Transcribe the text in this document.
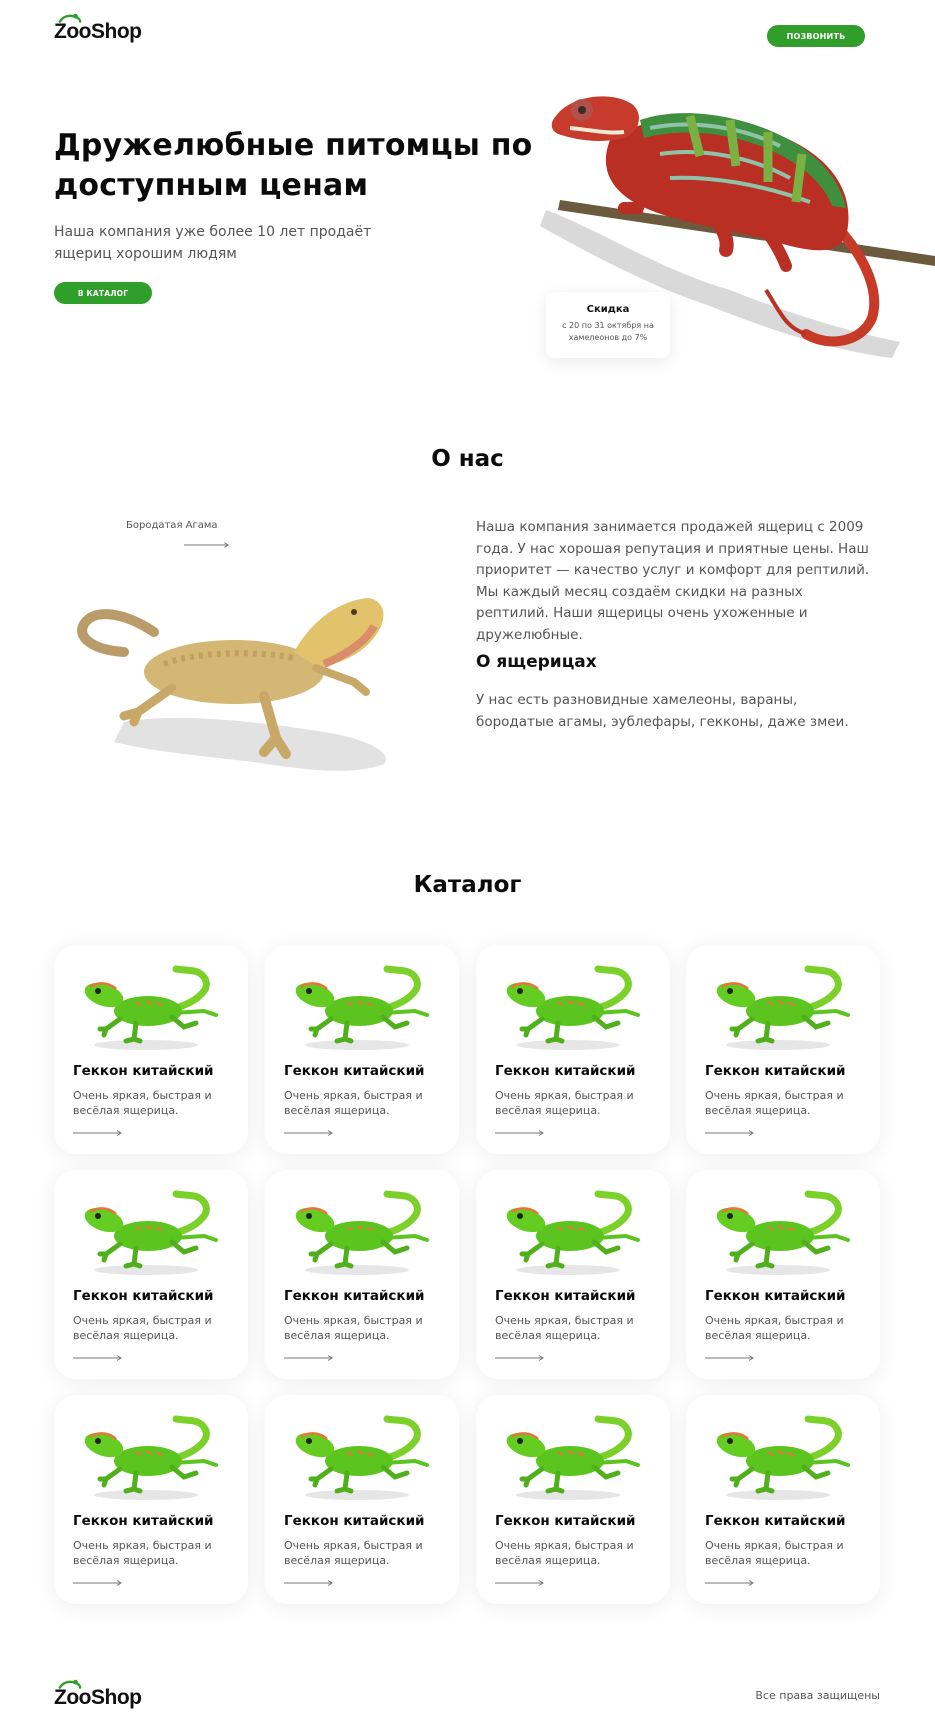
ZooShop	ПОЗВОНИТЬ
Дружелюбные питомцы по доступным ценам
Наша компания уже более 10 лет продаёт ящериц хорошим людям
В КАТАЛОГ
Скидка
с 20 по 31 октября на хамелеонов до 7%
О нас
Бородатая Агама	Наша компания занимается продажей ящериц с 2009 года. У нас хорошая репутация и приятные цены. Наш приоритет — качество услуг и комфорт для рептилий. Мы каждый месяц создаём скидки на разных рептилий. Наши ящерицы очень ухоженные и дружелюбные.
О ящерицах
У нас есть разновидные хамелеоны, вараны, бородатые агамы, эублефары, гекконы, даже змеи.
Каталог
Геккон китайский
Очень яркая, быстрая и весёлая ящерица.
Геккон китайский
Очень яркая, быстрая и весёлая ящерица.
Геккон китайский
Очень яркая, быстрая и весёлая ящерица.
Геккон китайский
Очень яркая, быстрая и весёлая ящерица.
Геккон китайский
Очень яркая, быстрая и весёлая ящерица.
Геккон китайский
Очень яркая, быстрая и весёлая ящерица.
Геккон китайский
Очень яркая, быстрая и весёлая ящерица.
Геккон китайский
Очень яркая, быстрая и весёлая ящерица.
Геккон китайский
Очень яркая, быстрая и весёлая ящерица.
Геккон китайский
Очень яркая, быстрая и весёлая ящерица.
Геккон китайский
Очень яркая, быстрая и весёлая ящерица.
Геккон китайский
Очень яркая, быстрая и весёлая ящерица.
ZooShop	Все права защищены
